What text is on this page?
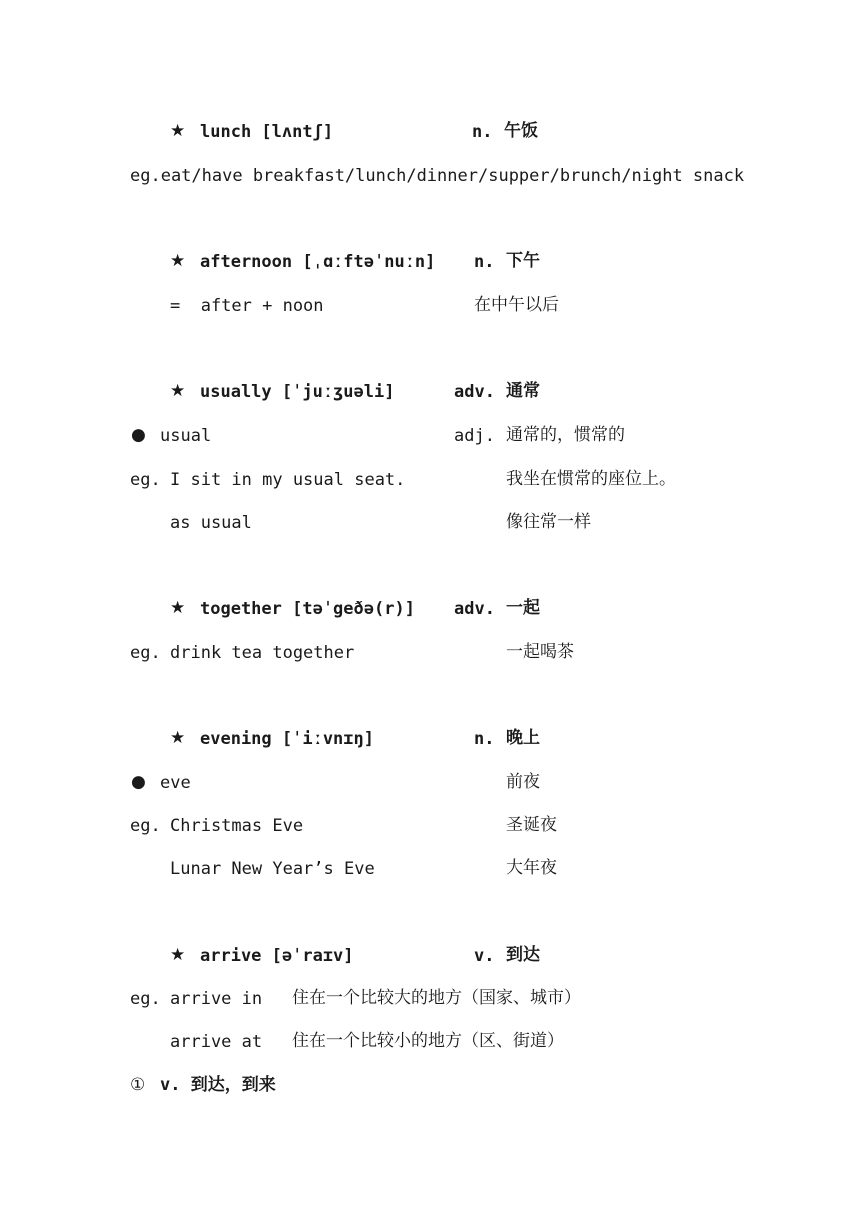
★ lunch [lʌntʃ]	n. 午饭
eg.eat/have breakfast/lunch/dinner/supper/brunch/night snack
★ afternoon [ˌɑːftəˈnuːn] n. 下午
=  after + noon	在中午以后
★ usually [ˈjuːʒuəli]	adv. 通常
● usual	adj. 通常的，惯常的
eg. I sit in my usual seat.	我坐在惯常的座位上。
as usual	像往常一样
★ together [təˈgeðə(r)] adv. 一起
eg. drink tea together	一起喝茶
★ evening [ˈiːvnɪŋ]	n. 晚上
● eve	前夜
eg. Christmas Eve	圣诞夜
Lunar New Year’s Eve	大年夜
★ arrive [əˈraɪv]	v. 到达
eg. arrive in 住在一个比较大的地方（国家、城市）
arrive at 住在一个比较小的地方（区、街道）
① v. 到达，到来
